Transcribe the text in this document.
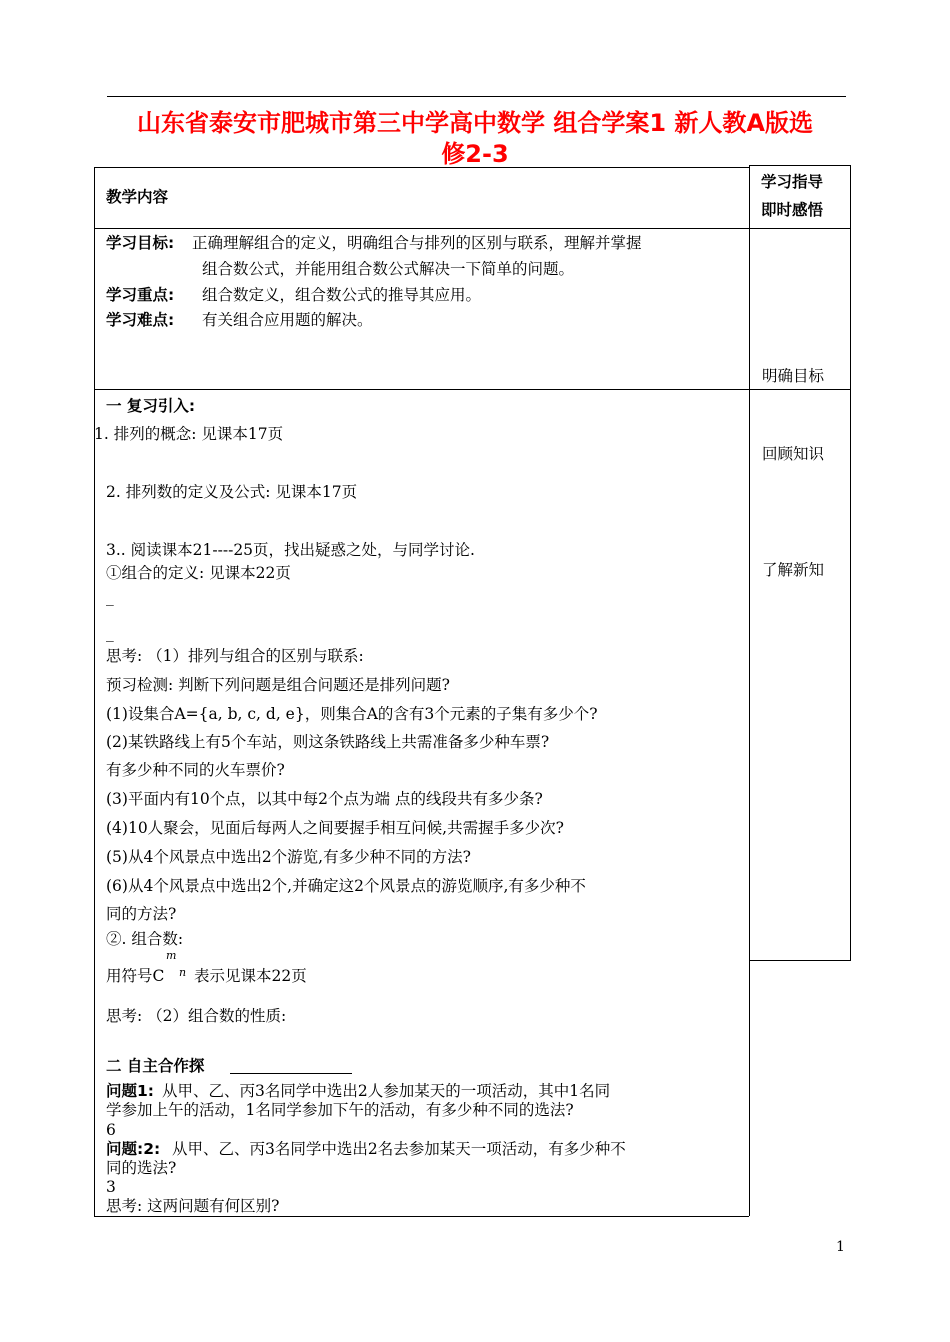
山东省泰安市肥城市第三中学高中数学 组合学案1 新人教A版选
修2-3
教学内容
学习指导
即时感悟
学习目标: 正确理解组合的定义，明确组合与排列的区别与联系，理解并掌握
组合数公式，并能用组合数公式解决一下简单的问题。
学习重点: 组合数定义，组合数公式的推导其应用。
学习难点: 有关组合应用题的解决。
明确目标
一 复习引入:
1. 排列的概念: 见课本17页
2. 排列数的定义及公式: 见课本17页
3.. 阅读课本21----25页，找出疑惑之处，与同学讨论.
①组合的定义: 见课本22页
_
_
思考: （1）排列与组合的区别与联系:
预习检测: 判断下列问题是组合问题还是排列问题?
(1)设集合A={a, b, c, d, e}，则集合A的含有3个元素的子集有多少个?
(2)某铁路线上有5个车站，则这条铁路线上共需准备多少种车票?
有多少种不同的火车票价?
(3)平面内有10个点，以其中每2个点为端 点的线段共有多少条?
(4)10人聚会，见面后每两人之间要握手相互问候,共需握手多少次?
(5)从4个风景点中选出2个游览,有多少种不同的方法?
(6)从4个风景点中选出2个,并确定这2个风景点的游览顺序,有多少种不
同的方法?
②. 组合数:
回顾知识
了解新知
用符号C
m
n 表示见课本22页
思考: （2）组合数的性质:
二 自主合作探
问题1: 从甲、乙、丙3名同学中选出2人参加某天的一项活动，其中1名同
学参加上午的活动，1名同学参加下午的活动，有多少种不同的选法?
6
问题:2: 从甲、乙、丙3名同学中选出2名去参加某天一项活动，有多少种不
同的选法?
3
思考: 这两问题有何区别?
1
